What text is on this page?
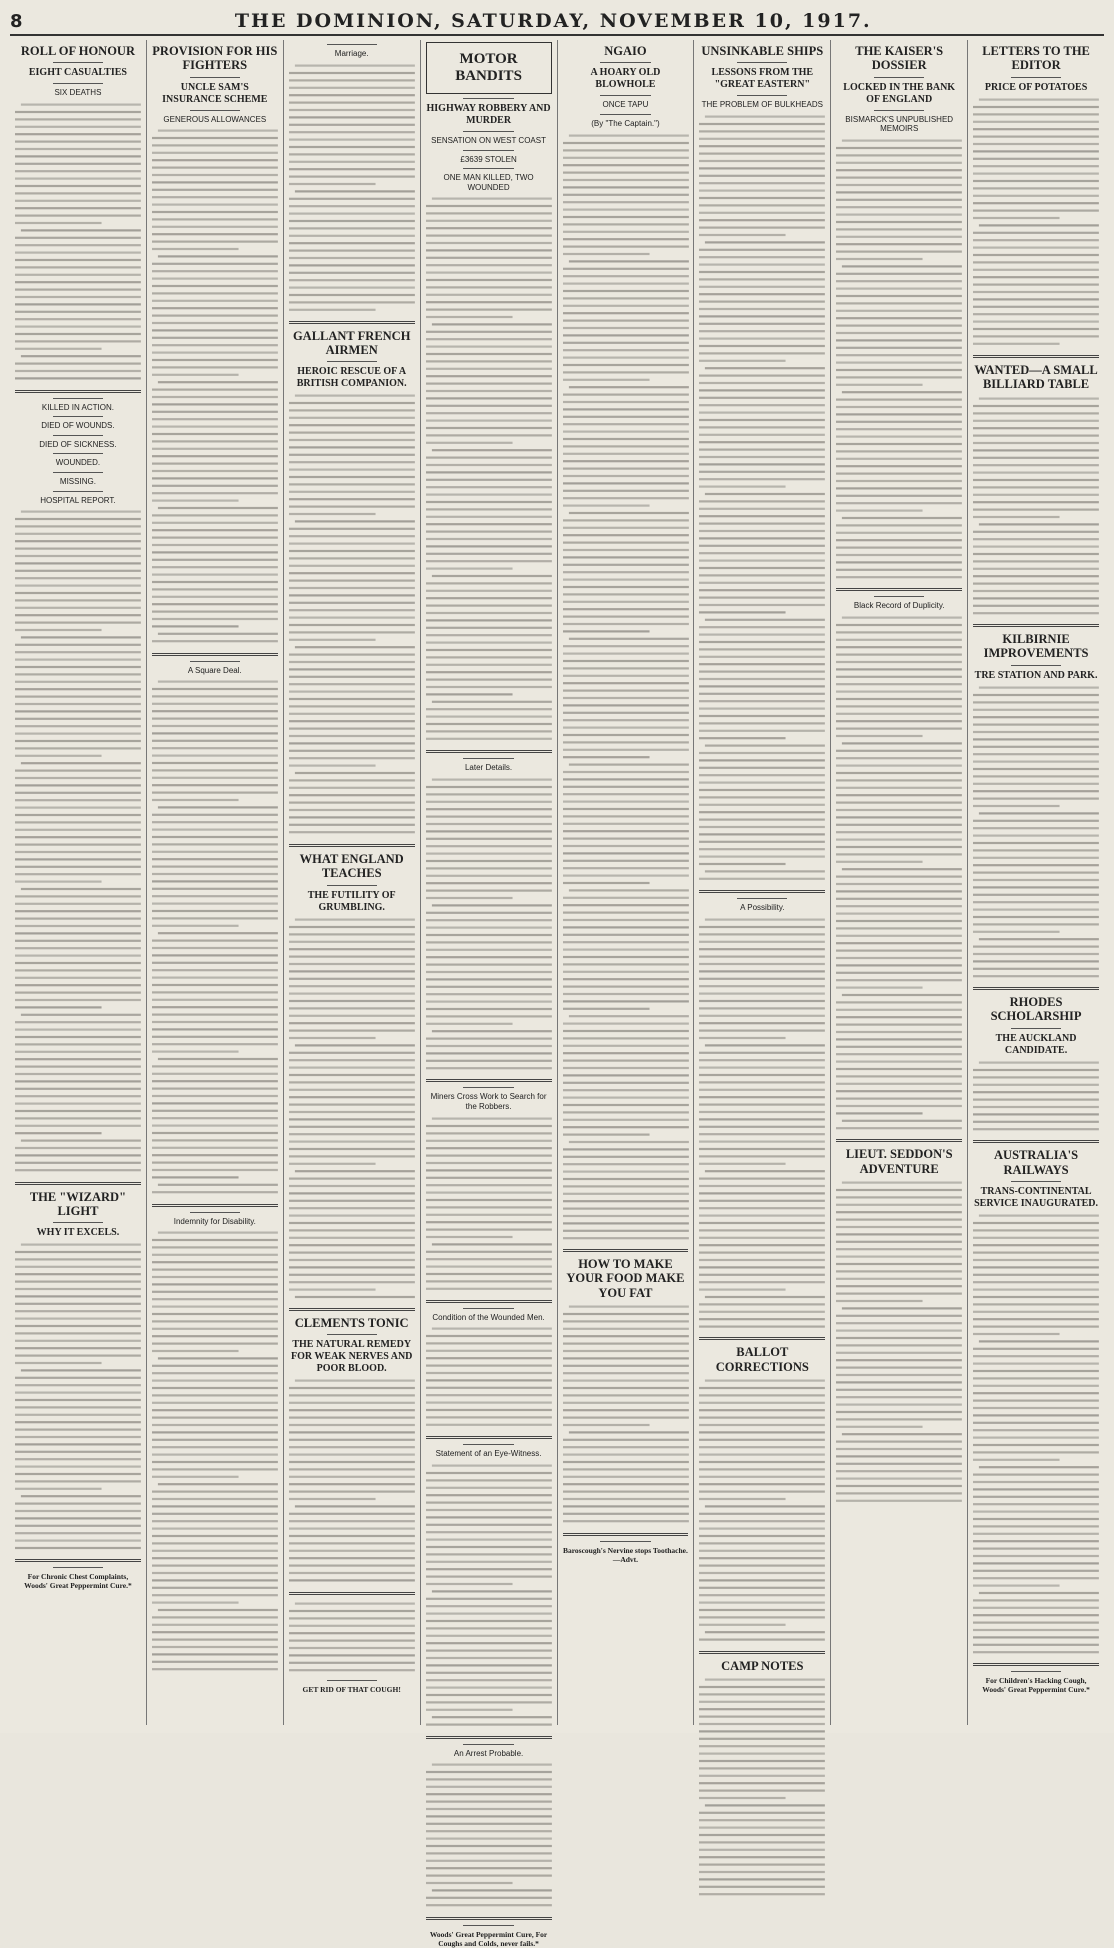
8	THE DOMINION, SATURDAY, NOVEMBER 10, 1917.
ROLL OF HONOUR
EIGHT CASUALTIES
SIX DEATHS
KILLED IN ACTION.
DIED OF WOUNDS.
DIED OF SICKNESS.
WOUNDED.
MISSING.
HOSPITAL REPORT.
THE "WIZARD" LIGHT
WHY IT EXCELS.
For Chronic Chest Complaints, Woods' Great Peppermint Cure.*
PROVISION FOR HIS FIGHTERS
UNCLE SAM'S INSURANCE SCHEME
GENEROUS ALLOWANCES
A Square Deal.
Indemnity for Disability.
Marriage.
GALLANT FRENCH AIRMEN
HEROIC RESCUE OF A BRITISH COMPANION.
WHAT ENGLAND TEACHES
THE FUTILITY OF GRUMBLING.
CLEMENTS TONIC
THE NATURAL REMEDY FOR WEAK NERVES AND POOR BLOOD.
GET RID OF THAT COUGH!
MOTOR BANDITS
HIGHWAY ROBBERY AND MURDER
SENSATION ON WEST COAST
£3639 STOLEN
ONE MAN KILLED, TWO WOUNDED
Later Details.
Miners Cross Work to Search for the Robbers.
Condition of the Wounded Men.
Statement of an Eye-Witness.
An Arrest Probable.
Woods' Great Peppermint Cure, For Coughs and Colds, never fails.*
NGAIO
A HOARY OLD BLOWHOLE
ONCE TAPU
(By "The Captain.")
HOW TO MAKE YOUR FOOD MAKE YOU FAT
Baroscough's Nervine stops Toothache. —Advt.
UNSINKABLE SHIPS
LESSONS FROM THE "GREAT EASTERN"
THE PROBLEM OF BULKHEADS
A Possibility.
BALLOT CORRECTIONS
CAMP NOTES
THE KAISER'S DOSSIER
LOCKED IN THE BANK OF ENGLAND
BISMARCK'S UNPUBLISHED MEMOIRS
Black Record of Duplicity.
LIEUT. SEDDON'S ADVENTURE
LETTERS TO THE EDITOR
PRICE OF POTATOES
WANTED—A SMALL BILLIARD TABLE
KILBIRNIE IMPROVEMENTS
TRE STATION AND PARK.
RHODES SCHOLARSHIP
THE AUCKLAND CANDIDATE.
AUSTRALIA'S RAILWAYS
TRANS-CONTINENTAL SERVICE INAUGURATED.
For Children's Hacking Cough, Woods' Great Peppermint Cure.*
